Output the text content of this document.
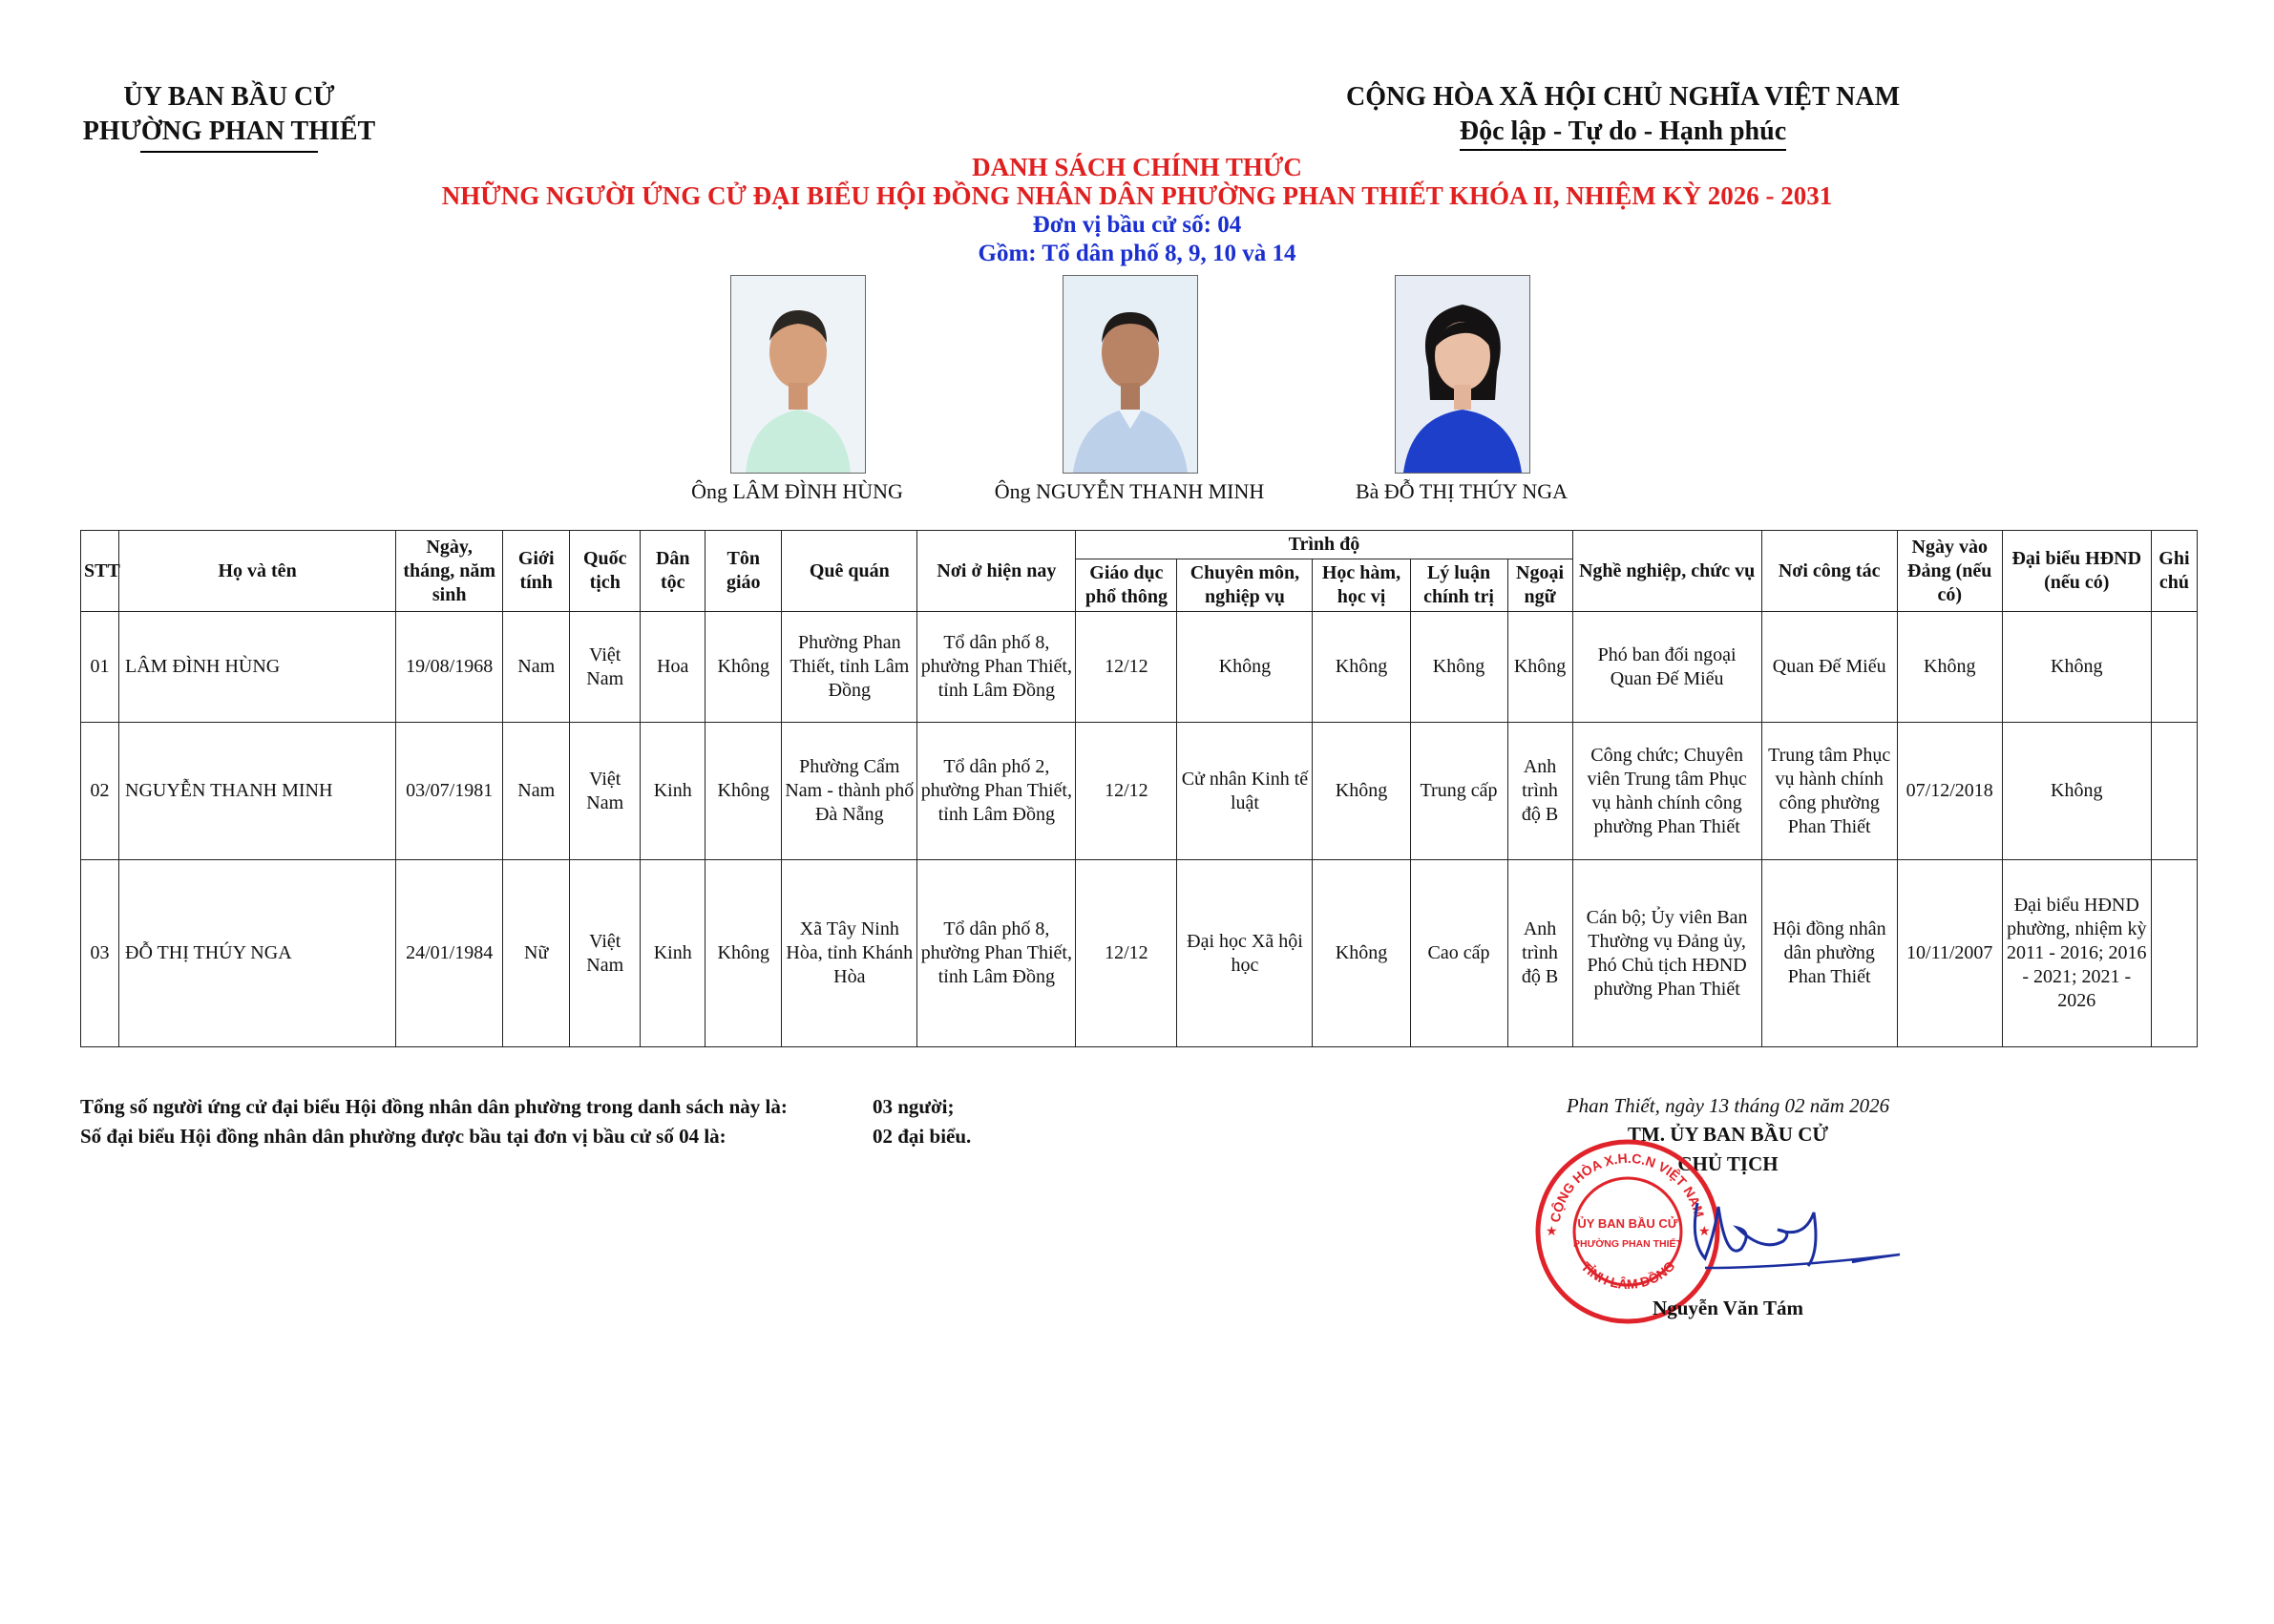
ỦY BAN BẦU CỬ
PHƯỜNG PHAN THIẾT
CỘNG HÒA XÃ HỘI CHỦ NGHĨA VIỆT NAM
Độc lập - Tự do - Hạnh phúc
DANH SÁCH CHÍNH THỨC
NHỮNG NGƯỜI ỨNG CỬ ĐẠI BIỂU HỘI ĐỒNG NHÂN DÂN PHƯỜNG PHAN THIẾT KHÓA II, NHIỆM KỲ 2026 - 2031
Đơn vị bầu cử số: 04
Gồm: Tổ dân phố 8, 9, 10 và 14
Ông LÂM ĐÌNH HÙNG	Ông NGUYỄN THANH MINH	Bà ĐỖ THỊ THÚY NGA
STT	Họ và tên	Ngày, tháng, năm sinh	Giới tính	Quốc tịch	Dân tộc	Tôn giáo	Quê quán	Nơi ở hiện nay	Trình độ					Nghề nghiệp, chức vụ	Nơi công tác	Ngày vào Đảng (nếu có)	Đại biểu HĐND (nếu có)	Ghi chú
									Giáo dục phổ thông	Chuyên môn, nghiệp vụ	Học hàm, học vị	Lý luận chính trị	Ngoại ngữ					
01	LÂM ĐÌNH HÙNG	19/08/1968	Nam	Việt Nam	Hoa	Không	Phường Phan Thiết, tỉnh Lâm Đồng	Tổ dân phố 8, phường Phan Thiết, tỉnh Lâm Đồng	12/12	Không	Không	Không	Không	Phó ban đối ngoại Quan Đế Miếu	Quan Đế Miếu	Không	Không	
02	NGUYỄN THANH MINH	03/07/1981	Nam	Việt Nam	Kinh	Không	Phường Cẩm Nam - thành phố Đà Nẵng	Tổ dân phố 2, phường Phan Thiết, tỉnh Lâm Đồng	12/12	Cử nhân Kinh tế luật	Không	Trung cấp	Anh trình độ B	Công chức; Chuyên viên Trung tâm Phục vụ hành chính công phường Phan Thiết	Trung tâm Phục vụ hành chính công phường Phan Thiết	07/12/2018	Không	
03	ĐỖ THỊ THÚY NGA	24/01/1984	Nữ	Việt Nam	Kinh	Không	Xã Tây Ninh Hòa, tỉnh Khánh Hòa	Tổ dân phố 8, phường Phan Thiết, tỉnh Lâm Đồng	12/12	Đại học Xã hội học	Không	Cao cấp	Anh trình độ B	Cán bộ; Ủy viên Ban Thường vụ Đảng ủy, Phó Chủ tịch HĐND phường Phan Thiết	Hội đồng nhân dân phường Phan Thiết	10/11/2007	Đại biểu HĐND phường, nhiệm kỳ 2011 - 2016; 2016 - 2021; 2021 - 2026	
Tổng số người ứng cử đại biểu Hội đồng nhân dân phường trong danh sách này là:	03 người;
Số đại biểu Hội đồng nhân dân phường được bầu tại đơn vị bầu cử số 04 là:	02 đại biểu.
Phan Thiết, ngày 13 tháng 02 năm 2026
TM. ỦY BAN BẦU CỬ
CHỦ TỊCH
CỘNG HÒA X.H.C.N VIỆT NAM
TỈNH LÂM ĐỒNG
ỦY BAN BẦU CỬ
PHƯỜNG PHAN THIẾT
★	★
Nguyễn Văn Tám
